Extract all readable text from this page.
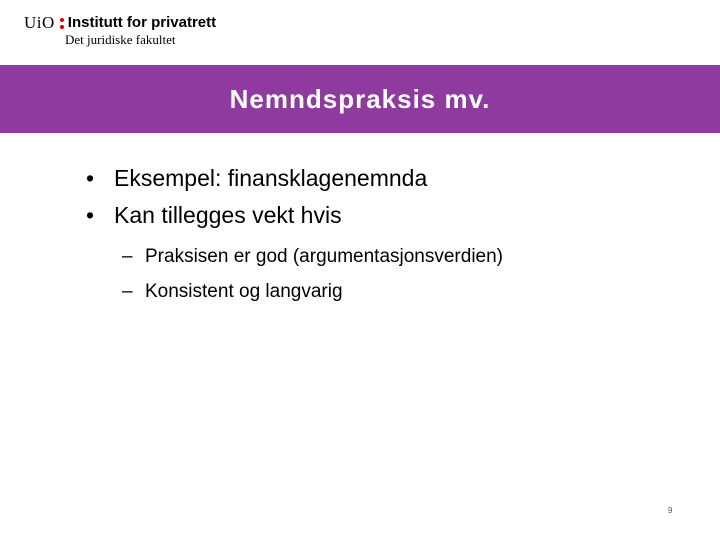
UiO Institutt for privatrett
Det juridiske fakultet
Nemndspraksis mv.
• Eksempel: finansklagenemnda
• Kan tillegges vekt hvis
– Praksisen er god (argumentasjonsverdien)
– Konsistent og langvarig
9
